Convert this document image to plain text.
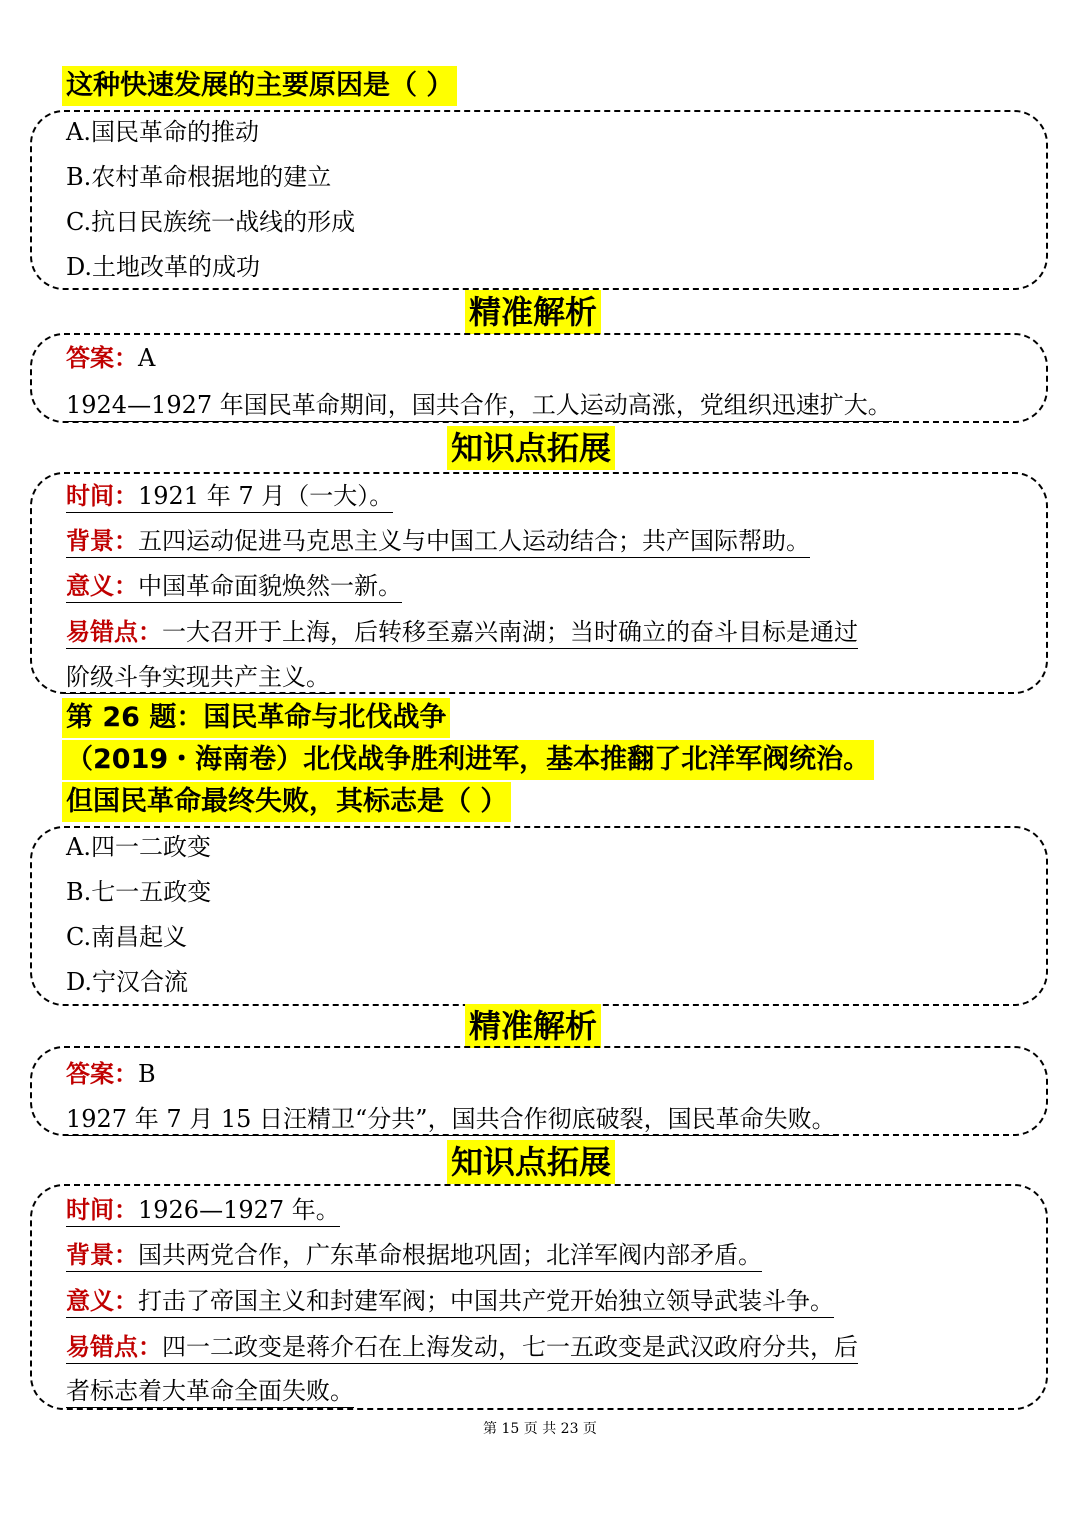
这种快速发展的主要原因是（ ）
A.国民革命的推动
B.农村革命根据地的建立
C.抗日民族统一战线的形成
D.土地改革的成功
精准解析
答案：A
1924—1927 年国民革命期间，国共合作，工人运动高涨，党组织迅速扩大。
知识点拓展
时间：1921 年 7 月（一大）。
背景：五四运动促进马克思主义与中国工人运动结合；共产国际帮助。
意义：中国革命面貌焕然一新。
易错点：一大召开于上海，后转移至嘉兴南湖；当时确立的奋斗目标是通过
阶级斗争实现共产主义。
第 26 题：国民革命与北伐战争
（2019・海南卷）北伐战争胜利进军，基本推翻了北洋军阀统治。
但国民革命最终失败，其标志是（ ）
A.四一二政变
B.七一五政变
C.南昌起义
D.宁汉合流
精准解析
答案：B
1927 年 7 月 15 日汪精卫“分共”，国共合作彻底破裂，国民革命失败。
知识点拓展
时间：1926—1927 年。
背景：国共两党合作，广东革命根据地巩固；北洋军阀内部矛盾。
意义：打击了帝国主义和封建军阀；中国共产党开始独立领导武装斗争。
易错点：四一二政变是蒋介石在上海发动，七一五政变是武汉政府分共，后
者标志着大革命全面失败。
第 15 页 共 23 页
